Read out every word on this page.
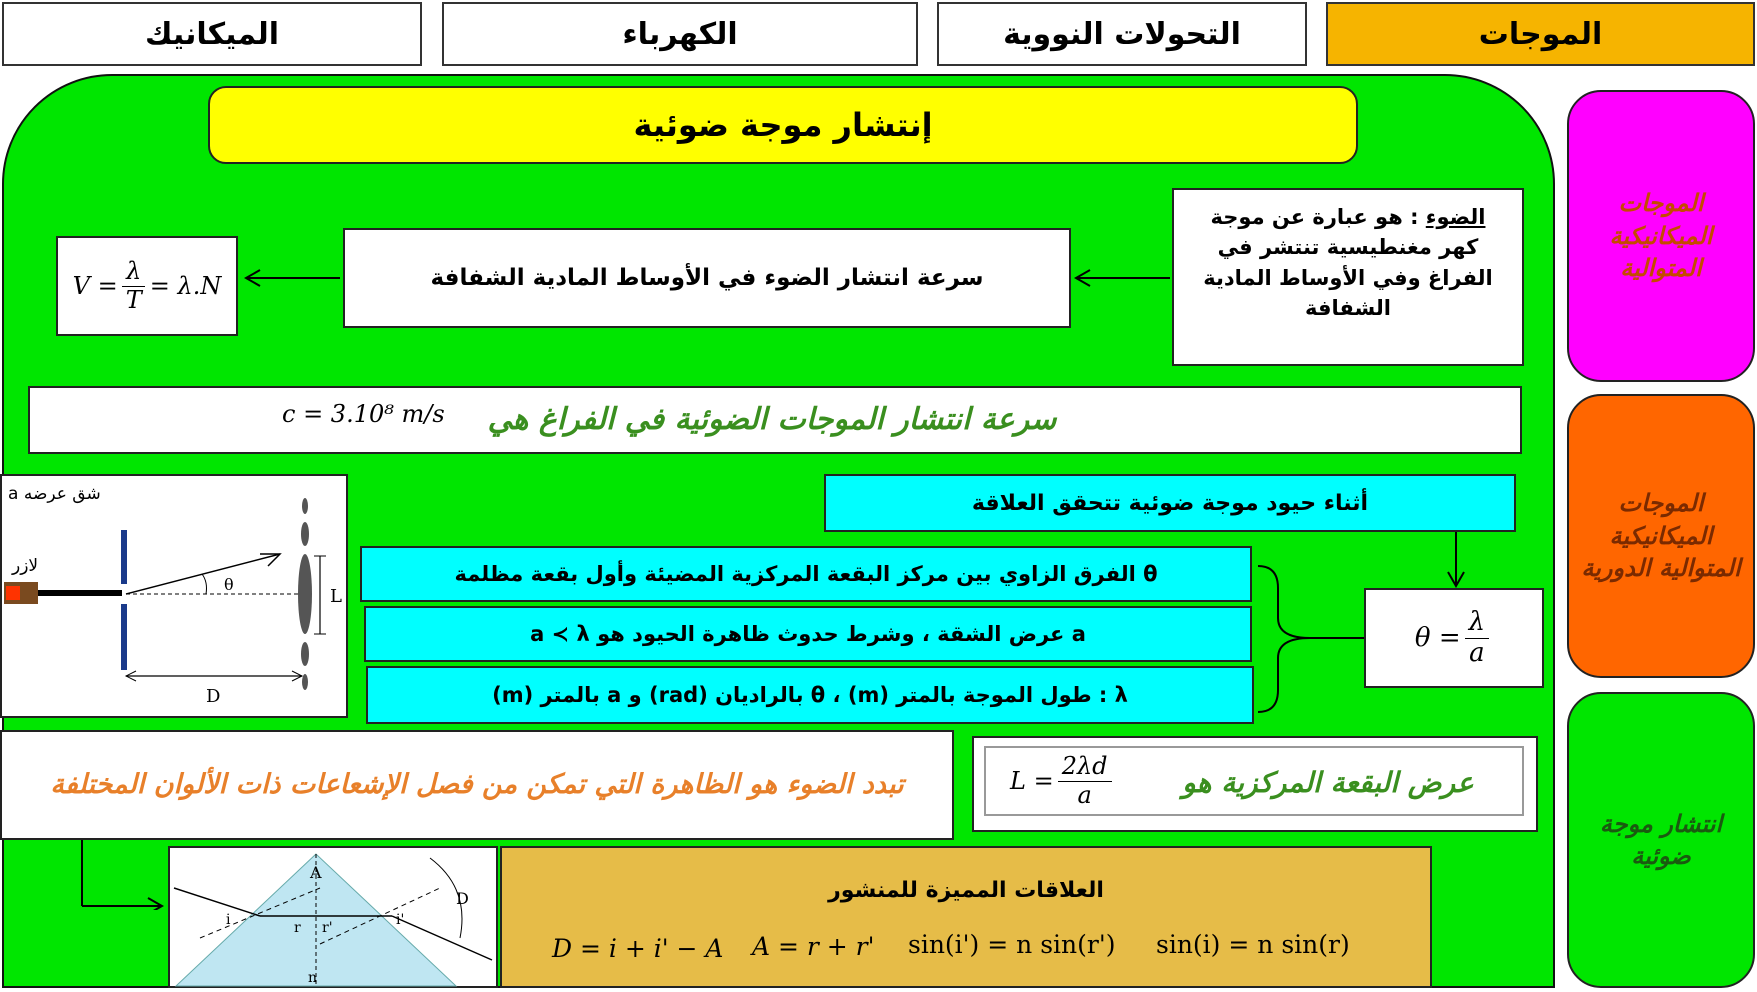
الميكانيك	الكهرباء	التحولات النووية	الموجات
إنتشار موجة ضوئية
الضوء : هو عبارة عن موجة كهر مغنطيسية تنتشر في الفراغ وفي الأوساط المادية الشفافة
سرعة انتشار الضوء في الأوساط المادية الشفافة
$V = \frac{\lambda}{T} = \lambda.N$
c = 3.10⁸ m/s	سرعة انتشار الموجات الضوئية في الفراغ هي
θ
L
D
شق عرضه a
لازر
أثناء حيود موجة ضوئية تتحقق العلاقة
θ الفرق الزاوي بين مركز البقعة المركزية المضيئة وأول بقعة مظلمة
a عرض الشقة ، وشرط حدوث ظاهرة الحيود هو a ≺ λ
λ : طول الموجة بالمتر (m) ، θ بالراديان (rad) و a بالمتر (m)
$\theta = \frac{\lambda}{a}$
تبدد الضوء هو الظاهرة التي تمكن من فصل الإشعاعات ذات الألوان المختلفة	$L = \frac{2\lambda d}{a}$	عرض البقعة المركزية هو
A
D
i	r r'	i'
n
العلاقات المميزة للمنشور
sin(i) = n sin(r)
sin(i') = n sin(r')
A = r + r'
D = i + i' − A
الموجات الميكانيكية المتوالية
الموجات الميكانيكية المتوالية الدورية
انتشار موجة ضوئية
